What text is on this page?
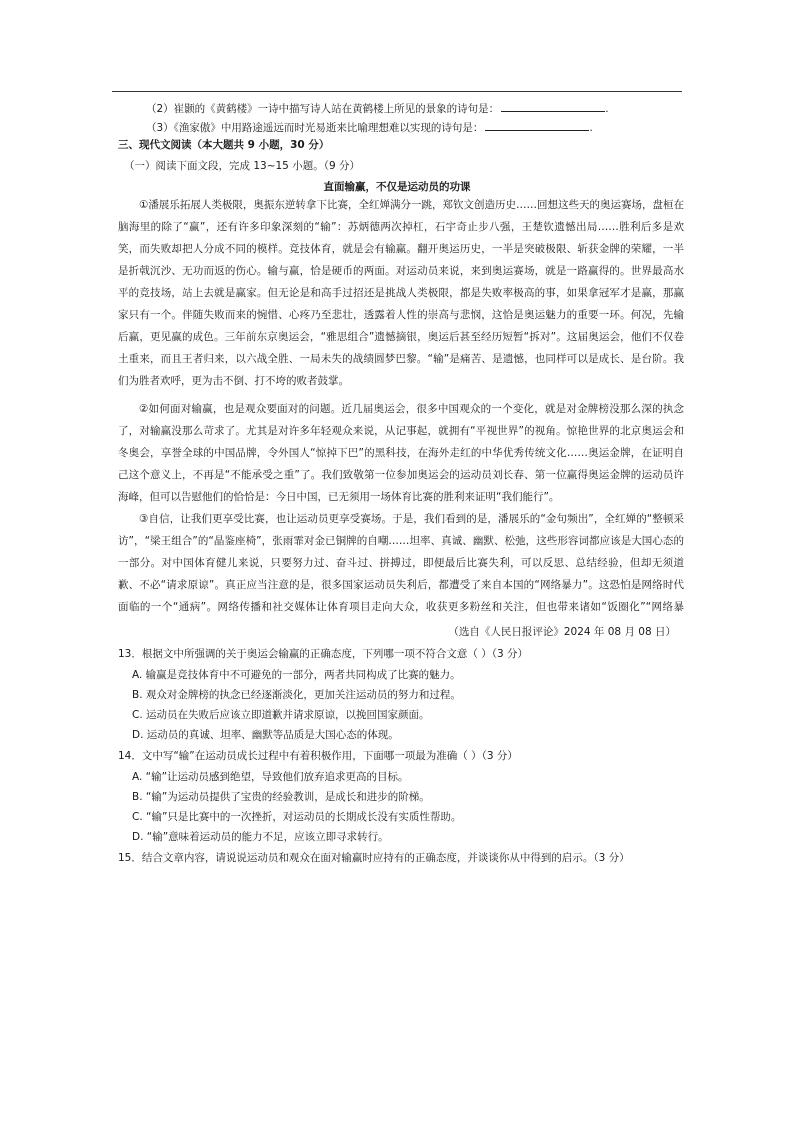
（2）崔颢的《黄鹤楼》一诗中描写诗人站在黄鹤楼上所见的景象的诗句是：	.
（3）《渔家傲》中用路途遥远而时光易逝来比喻理想难以实现的诗句是：	.
三、现代文阅读（本大题共 9 小题，30 分）
（一）阅读下面文段，完成 13~15 小题。（9 分）
直面输赢，不仅是运动员的功课

①潘展乐拓展人类极限，奥振东逆转拿下比赛，全红婵满分一跳，郑钦文创造历史……回想这些天的奥运赛场，盘桓在脑海里的除了“赢”，还有许多印象深刻的“输”：苏炳德两次掉杠，石宇奇止步八强，王楚钦遗憾出局……胜利后多是欢笑，而失败却把人分成不同的模样。竞技体育，就是会有输赢。翻开奥运历史，一半是突破极限、斩获金牌的荣耀，一半是折戟沉沙、无功而返的伤心。输与赢，恰是硬币的两面。对运动员来说，来到奥运赛场，就是一路赢得的。世界最高水平的竞技场，站上去就是赢家。但无论是和高手过招还是挑战人类极限，都是失败率极高的事，如果拿冠军才是赢，那赢家只有一个。伴随失败而来的惋惜、心疼乃至悲壮，透露着人性的崇高与悲悯，这恰是奥运魅力的重要一环。何况，先输后赢，更见赢的成色。三年前东京奥运会，“雅思组合”遗憾摘银，奥运后甚至经历短暂“拆对”。这届奥运会，他们不仅卷土重来，而且王者归来，以六战全胜、一局未失的战绩圆梦巴黎。“输”是痛苦、是遗憾，也同样可以是成长、是台阶。我们为胜者欢呼，更为击不倒、打不垮的败者鼓掌。

②如何面对输赢，也是观众要面对的问题。近几届奥运会，很多中国观众的一个变化，就是对金牌榜没那么深的执念了，对输赢没那么苛求了。尤其是对许多年轻观众来说，从记事起，就拥有“平视世界”的视角。惊艳世界的北京奥运会和冬奥会，享誉全球的中国品牌，令外国人“惊掉下巴”的黑科技，在海外走红的中华优秀传统文化……奥运金牌，在证明自己这个意义上，不再是“不能承受之重”了。我们致敬第一位参加奥运会的运动员刘长春、第一位赢得奥运金牌的运动员许海峰，但可以告慰他们的恰恰是：今日中国，已无须用一场体育比赛的胜利来证明“我们能行”。

③自信，让我们更享受比赛，也让运动员更享受赛场。于是，我们看到的是，潘展乐的“金句频出”，全红婵的“整顿采访”，“梁王组合”的“晶鉴座椅”，张雨霏对金已铜牌的自嘲……坦率、真诚、幽默、松弛，这些形容词都应该是大国心态的一部分。对中国体育健儿来说，只要努力过、奋斗过、拼搏过，即便最后比赛失利，可以反思、总结经验，但却无须道歉、不必“请求原谅”。真正应当注意的是，很多国家运动员失利后，都遭受了来自本国的“网络暴力”。这恐怕是网络时代面临的一个“通病”。网络传播和社交媒体让体育项目走向大众，收获更多粉丝和关注，但也带来诸如“饭圈化”“网络暴

（选自《人民日报评论》2024 年 08 月 08 日）
13．根据文中所强调的关于奥运会输赢的正确态度，下列哪一项不符合文意（ ）（3 分）
A. 输赢是竞技体育中不可避免的一部分，两者共同构成了比赛的魅力。
B. 观众对金牌榜的执念已经逐渐淡化，更加关注运动员的努力和过程。
C. 运动员在失败后应该立即道歉并请求原谅，以挽回国家颜面。
D. 运动员的真诚、坦率、幽默等品质是大国心态的体现。
14．文中写“输”在运动员成长过程中有着积极作用，下面哪一项最为准确（ ）（3 分）
A. “输”让运动员感到绝望，导致他们放弃追求更高的目标。
B. “输”为运动员提供了宝贵的经验教训，是成长和进步的阶梯。
C. “输”只是比赛中的一次挫折，对运动员的长期成长没有实质性帮助。
D. “输”意味着运动员的能力不足，应该立即寻求转行。
15．结合文章内容，请说说运动员和观众在面对输赢时应持有的正确态度，并谈谈你从中得到的启示。（3 分）
